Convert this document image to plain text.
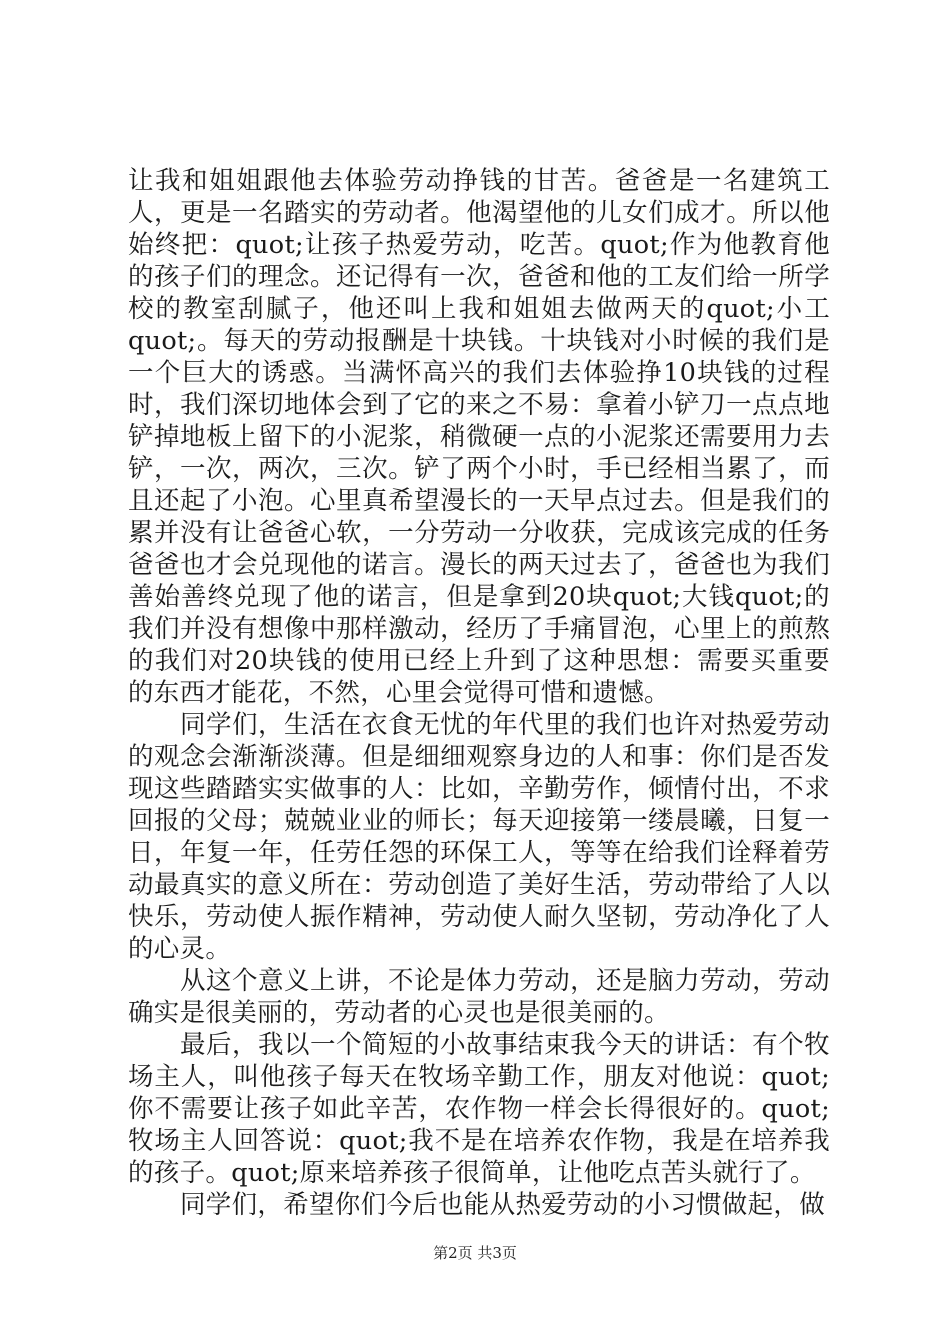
让我和姐姐跟他去体验劳动挣钱的甘苦。爸爸是一名建筑工人，更是一名踏实的劳动者。他渴望他的儿女们成才。所以他始终把：quot;让孩子热爱劳动，吃苦。quot;作为他教育他的孩子们的理念。还记得有一次，爸爸和他的工友们给一所学校的教室刮腻子，他还叫上我和姐姐去做两天的quot;小工quot;。每天的劳动报酬是十块钱。十块钱对小时候的我们是一个巨大的诱惑。当满怀高兴的我们去体验挣10块钱的过程时，我们深切地体会到了它的来之不易：拿着小铲刀一点点地铲掉地板上留下的小泥浆，稍微硬一点的小泥浆还需要用力去铲，一次，两次，三次。铲了两个小时，手已经相当累了，而且还起了小泡。心里真希望漫长的一天早点过去。但是我们的累并没有让爸爸心软，一分劳动一分收获，完成该完成的任务爸爸也才会兑现他的诺言。漫长的两天过去了，爸爸也为我们善始善终兑现了他的诺言，但是拿到20块quot;大钱quot;的我们并没有想像中那样激动，经历了手痛冒泡，心里上的煎熬的我们对20块钱的使用已经上升到了这种思想：需要买重要的东西才能花，不然，心里会觉得可惜和遗憾。

同学们，生活在衣食无忧的年代里的我们也许对热爱劳动的观念会渐渐淡薄。但是细细观察身边的人和事：你们是否发现这些踏踏实实做事的人：比如，辛勤劳作，倾情付出，不求回报的父母；兢兢业业的师长；每天迎接第一缕晨曦，日复一日，年复一年，任劳任怨的环保工人，等等在给我们诠释着劳动最真实的意义所在：劳动创造了美好生活，劳动带给了人以快乐，劳动使人振作精神，劳动使人耐久坚韧，劳动净化了人的心灵。

从这个意义上讲，不论是体力劳动，还是脑力劳动，劳动确实是很美丽的，劳动者的心灵也是很美丽的。

最后，我以一个简短的小故事结束我今天的讲话：有个牧场主人，叫他孩子每天在牧场辛勤工作，朋友对他说：quot;你不需要让孩子如此辛苦，农作物一样会长得很好的。quot;牧场主人回答说：quot;我不是在培养农作物，我是在培养我的孩子。quot;原来培养孩子很简单，让他吃点苦头就行了。

同学们，希望你们今后也能从热爱劳动的小习惯做起，做

第2页 共3页
